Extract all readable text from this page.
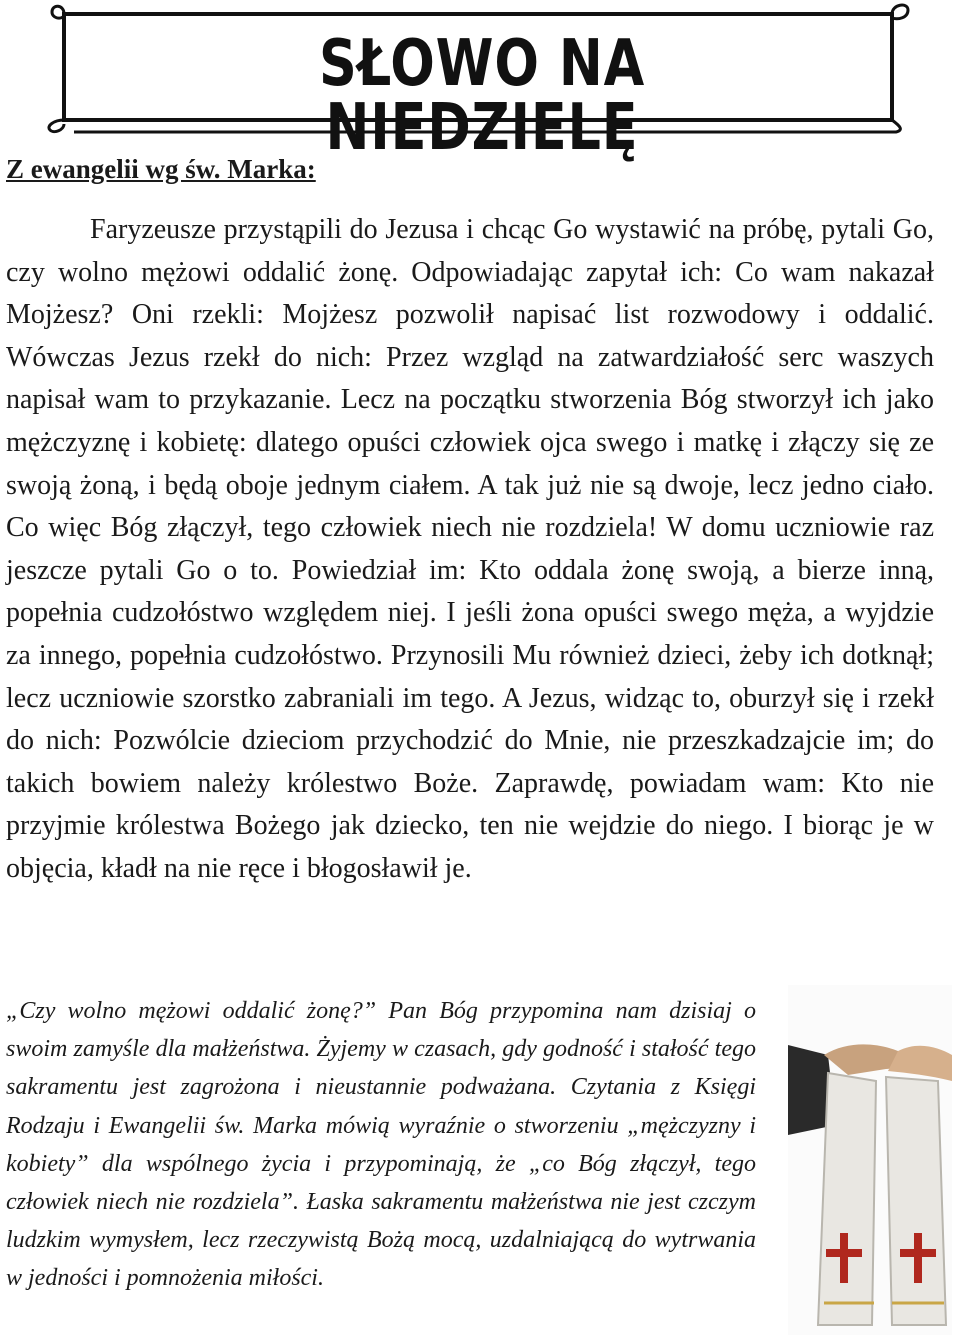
SŁOWO NA NIEDZIELĘ
Z ewangelii wg św. Marka:
Faryzeusze przystąpili do Jezusa i chcąc Go wystawić na próbę, pytali Go, czy wolno mężowi oddalić żonę. Odpowiadając zapytał ich: Co wam nakazał Mojżesz? Oni rzekli: Mojżesz pozwolił napisać list rozwodowy i oddalić. Wówczas Jezus rzekł do nich: Przez wzgląd na zatwardziałość serc waszych napisał wam to przykazanie. Lecz na początku stworzenia Bóg stworzył ich jako mężczyznę i kobietę: dlatego opuści człowiek ojca swego i matkę i złączy się ze swoją żoną, i będą oboje jednym ciałem. A tak już nie są dwoje, lecz jedno ciało. Co więc Bóg złączył, tego człowiek niech nie rozdziela! W domu uczniowie raz jeszcze pytali Go o to. Powiedział im: Kto oddala żonę swoją, a bierze inną, popełnia cudzołóstwo względem niej. I jeśli żona opuści swego męża, a wyjdzie za innego, popełnia cudzołóstwo. Przynosili Mu również dzieci, żeby ich dotknął; lecz uczniowie szorstko zabraniali im tego. A Jezus, widząc to, oburzył się i rzekł do nich: Pozwólcie dzieciom przychodzić do Mnie, nie przeszkadzajcie im; do takich bowiem należy królestwo Boże. Zaprawdę, powiadam wam: Kto nie przyjmie królestwa Bożego jak dziecko, ten nie wejdzie do niego. I biorąc je w objęcia, kładł na nie ręce i błogosławił je.
„Czy wolno mężowi oddalić żonę?” Pan Bóg przypomina nam dzisiaj o swoim zamyśle dla małżeństwa. Żyjemy w czasach, gdy godność i stałość tego sakramentu jest zagrożona i nieustannie podważana. Czytania z Księgi Rodzaju i Ewangelii św. Marka mówią wyraźnie o stworzeniu „mężczyzny i kobiety” dla wspólnego życia i przypominają, że „co Bóg złączył, tego człowiek niech nie rozdziela”. Łaska sakramentu małżeństwa nie jest czczym ludzkim wymysłem, lecz rzeczywistą Bożą mocą, uzdalniającą do wytrwania w jedności i pomnożenia miłości.
